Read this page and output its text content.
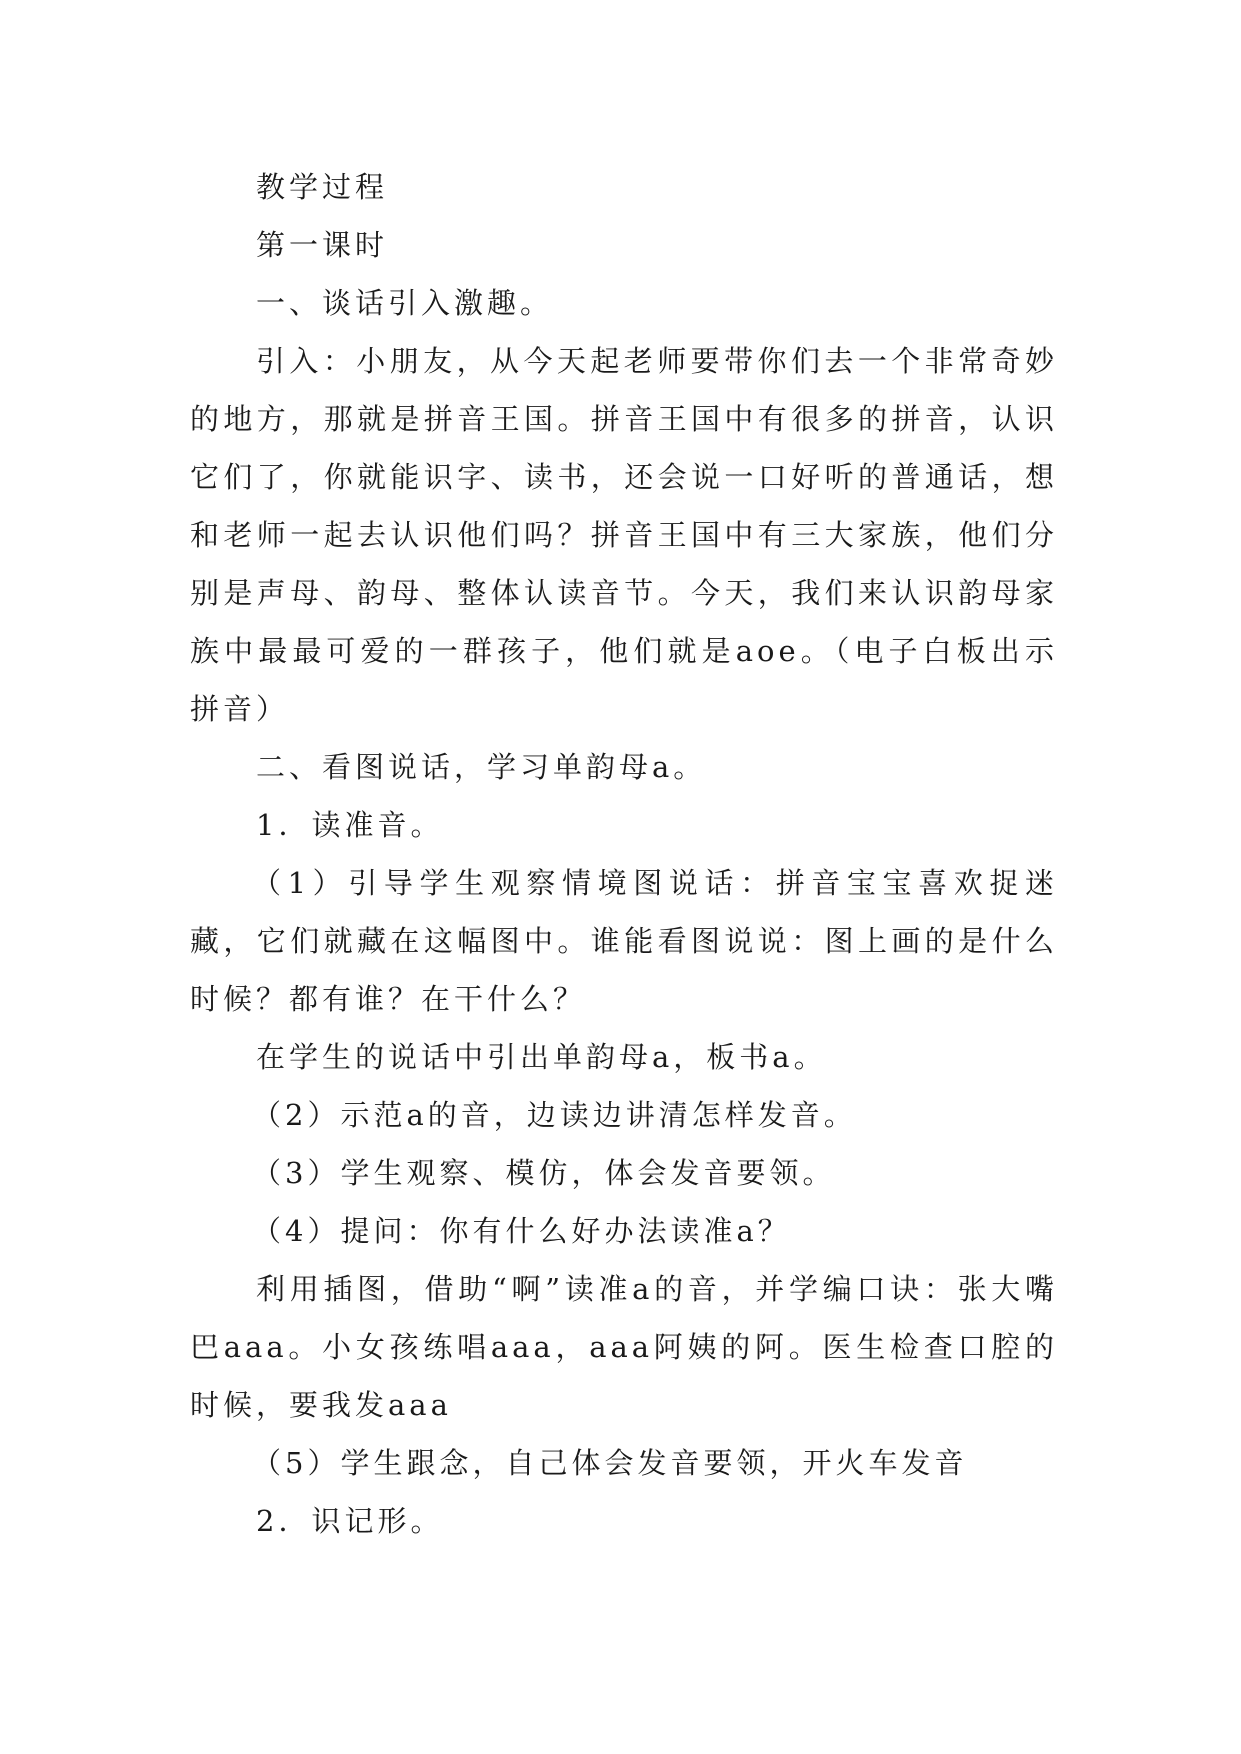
教学过程

第一课时

一、谈话引入激趣。

引入：小朋友，从今天起老师要带你们去一个非常奇妙的地方，那就是拼音王国。拼音王国中有很多的拼音，认识它们了，你就能识字、读书，还会说一口好听的普通话，想和老师一起去认识他们吗？拼音王国中有三大家族，他们分别是声母、韵母、整体认读音节。今天，我们来认识韵母家族中最最可爱的一群孩子，他们就是aoe。（电子白板出示拼音）

二、看图说话，学习单韵母a。

1．读准音。

（1）引导学生观察情境图说话：拼音宝宝喜欢捉迷藏，它们就藏在这幅图中。谁能看图说说：图上画的是什么时候？都有谁？在干什么？

在学生的说话中引出单韵母a，板书a。

（2）示范a的音，边读边讲清怎样发音。

（3）学生观察、模仿，体会发音要领。

（4）提问：你有什么好办法读准a？

利用插图，借助“啊”读准a的音，并学编口诀：张大嘴巴aaa。小女孩练唱aaa，aaa阿姨的阿。医生检查口腔的时候，要我发aaa

（5）学生跟念，自己体会发音要领，开火车发音

2．识记形。
